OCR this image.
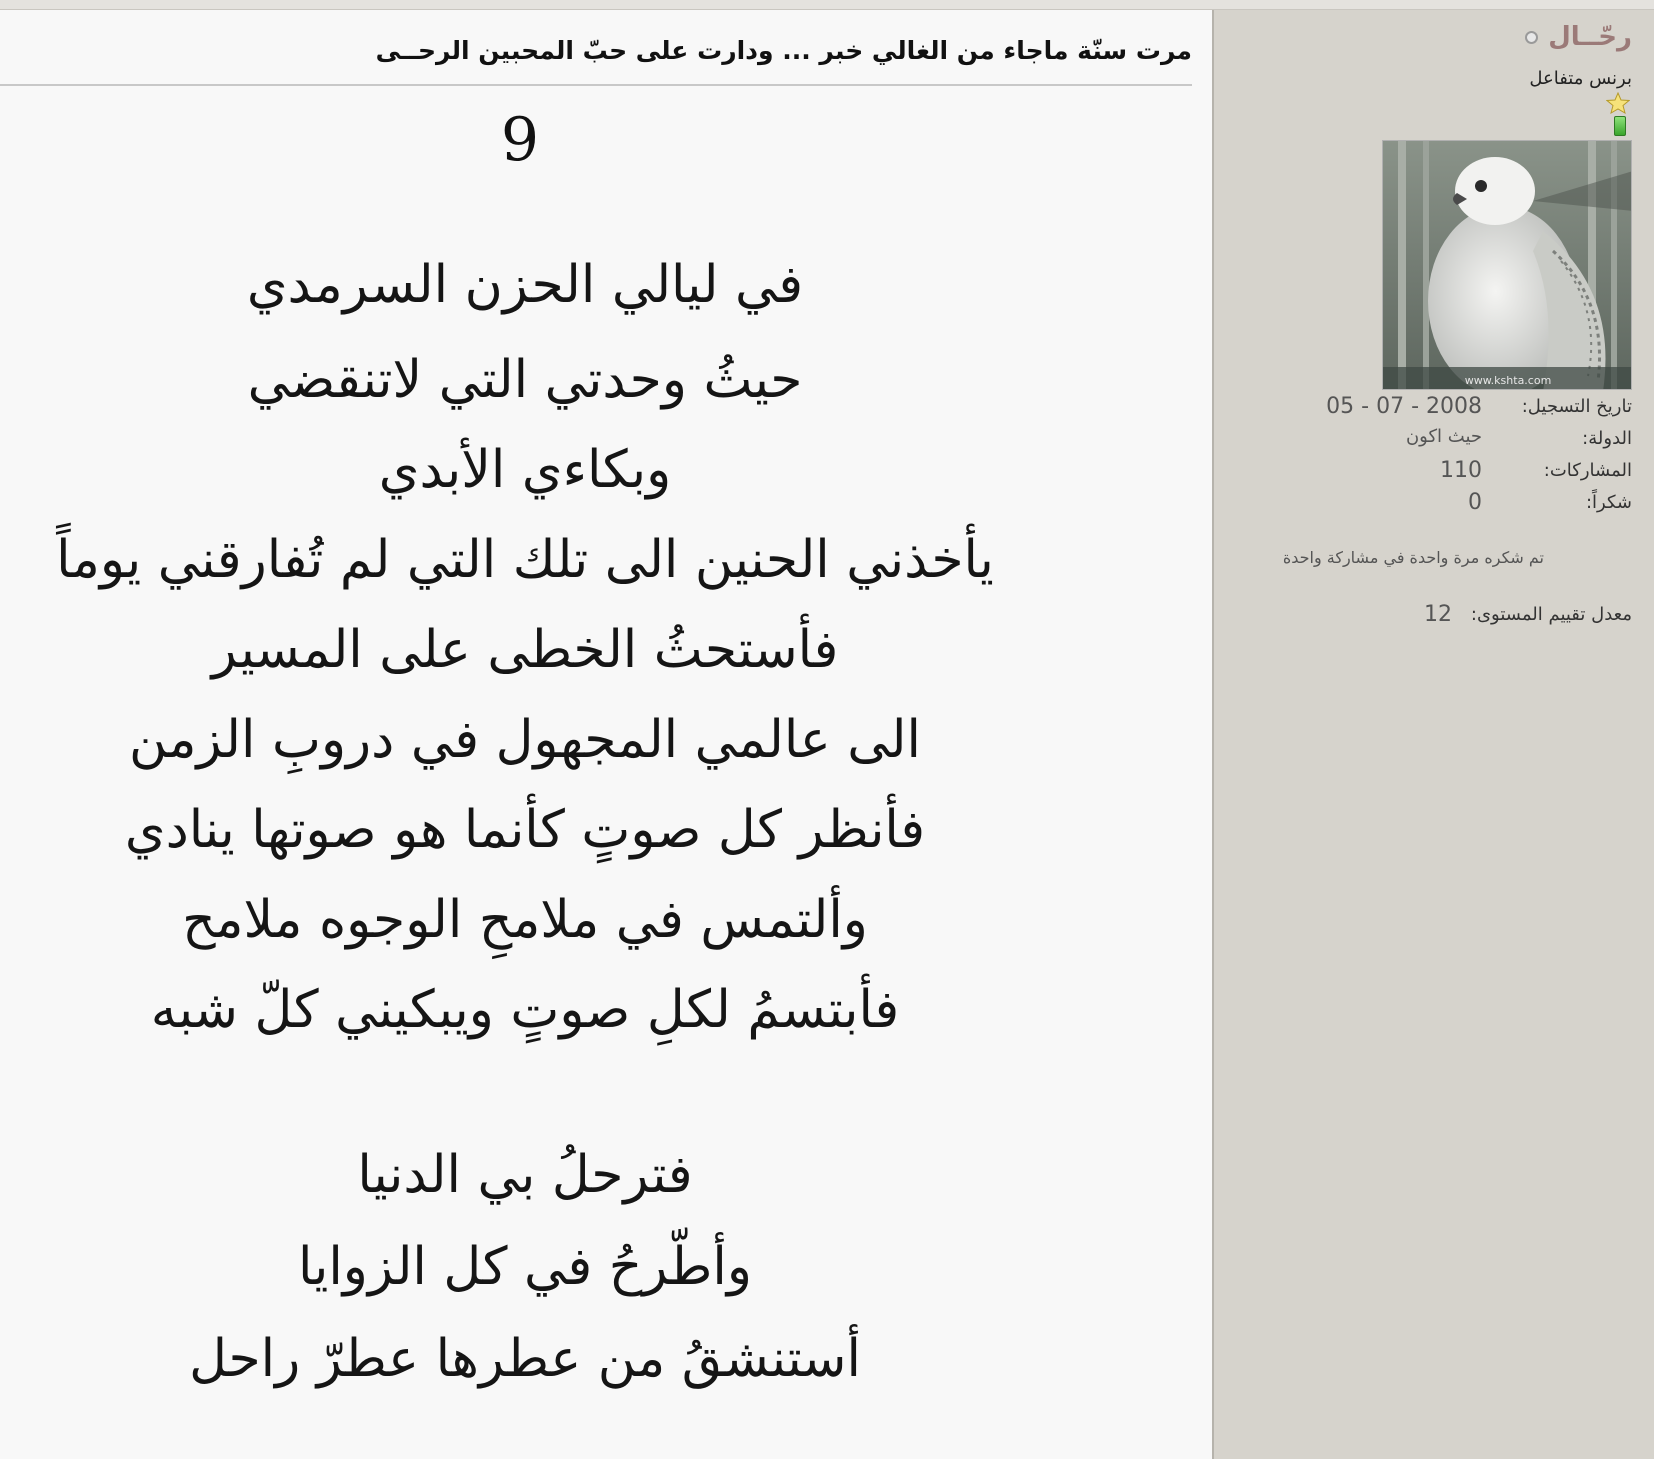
مرت سنّة ماجاء من الغالي خبر ... ودارت على حبّ المحبين الرحــى
9
في ليالي الحزن السرمدي
حيثُ وحدتي التي لاتنقضي
وبكاءي الأبدي
يأخذني الحنين الى تلك التي لم تُفارقني يوماً
فأستحثُ الخطى على المسير
الى عالمي المجهول في دروبِ الزمن
فأنظر كل صوتٍ كأنما هو صوتها ينادي
وألتمس في ملامحِ الوجوه ملامح
فأبتسمُ لكلِ صوتٍ ويبكيني كلّ شبه
فترحلُ بي الدنيا
وأطّرحُ في كل الزوايا
أستنشقُ من عطرها عطرّ راحل
رحّــال
برنس متفاعل
www.kshta.com
تاريخ التسجيل:
05 - 07 - 2008
الدولة:
حيث اكون
المشاركات:
110
شكراً:
0
تم شكره مرة واحدة في مشاركة واحدة
معدل تقييم المستوى:
12
